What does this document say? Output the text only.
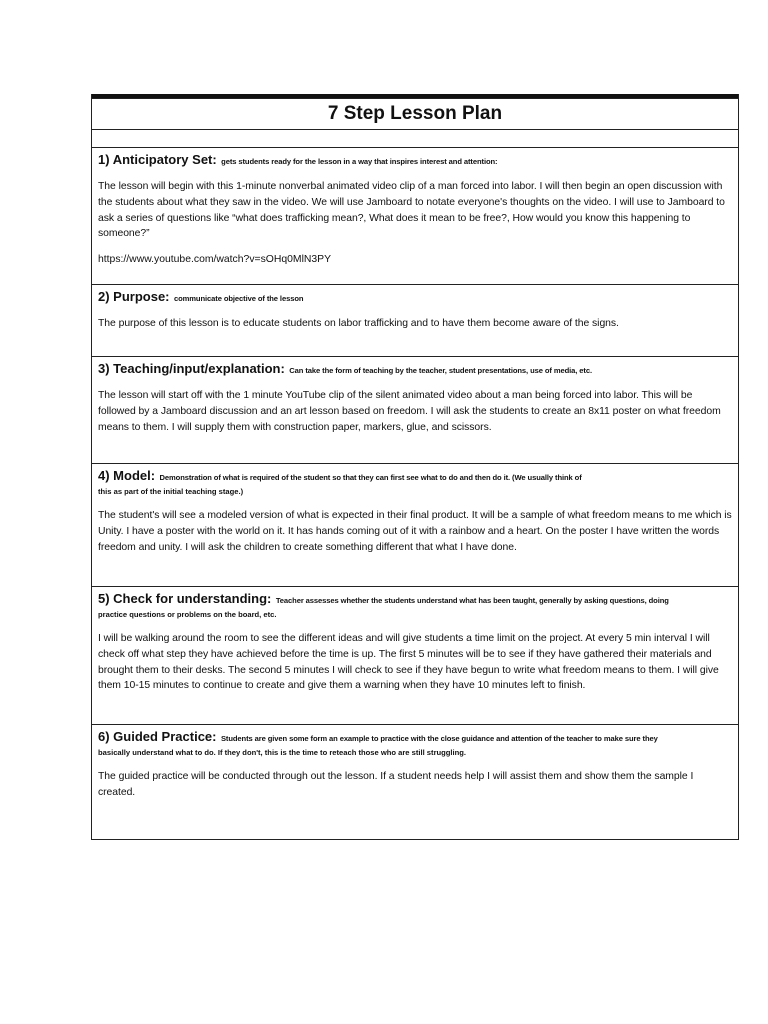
7 Step Lesson Plan
1) Anticipatory Set: gets students ready for the lesson in a way that inspires interest and attention:
The lesson will begin with this 1-minute nonverbal animated video clip of a man forced into labor. I will then begin an open discussion with the students about what they saw in the video. We will use Jamboard to notate everyone's thoughts on the video. I will use to Jamboard to ask a series of questions like “what does trafficking mean?, What does it mean to be free?, How would you know this happening to someone?”
https://www.youtube.com/watch?v=sOHq0MlN3PY
2) Purpose: communicate objective of the lesson
The purpose of this lesson is to educate students on labor trafficking and to have them become aware of the signs.
3) Teaching/input/explanation: Can take the form of teaching by the teacher, student presentations, use of media, etc.
The lesson will start off with the 1 minute YouTube clip of the silent animated video about a man being forced into labor. This will be followed by a Jamboard discussion and an art lesson based on freedom. I will ask the students to create an 8x11 poster on what freedom means to them. I will supply them with construction paper, markers, glue, and scissors.
4) Model: Demonstration of what is required of the student so that they can first see what to do and then do it. (We usually think of
this as part of the initial teaching stage.)
The student's will see a modeled version of what is expected in their final product. It will be a sample of what freedom means to me which is Unity. I have a poster with the world on it. It has hands coming out of it with a rainbow and a heart. On the poster I have written the words freedom and unity. I will ask the children to create something different that what I have done.
5) Check for understanding: Teacher assesses whether the students understand what has been taught, generally by asking questions, doing
practice questions or problems on the board, etc.
I will be walking around the room to see the different ideas and will give students a time limit on the project. At every 5 min interval I will check off what step they have achieved before the time is up. The first 5 minutes will be to see if they have gathered their materials and brought them to their desks. The second 5 minutes I will check to see if they have begun to write what freedom means to them. I will give them 10-15 minutes to continue to create and give them a warning when they have 10 minutes left to finish.
6) Guided Practice: Students are given some form an example to practice with the close guidance and attention of the teacher to make sure they
basically understand what to do. If they don't, this is the time to reteach those who are still struggling.
The guided practice will be conducted through out the lesson. If a student needs help I will assist them and show them the sample I created.
